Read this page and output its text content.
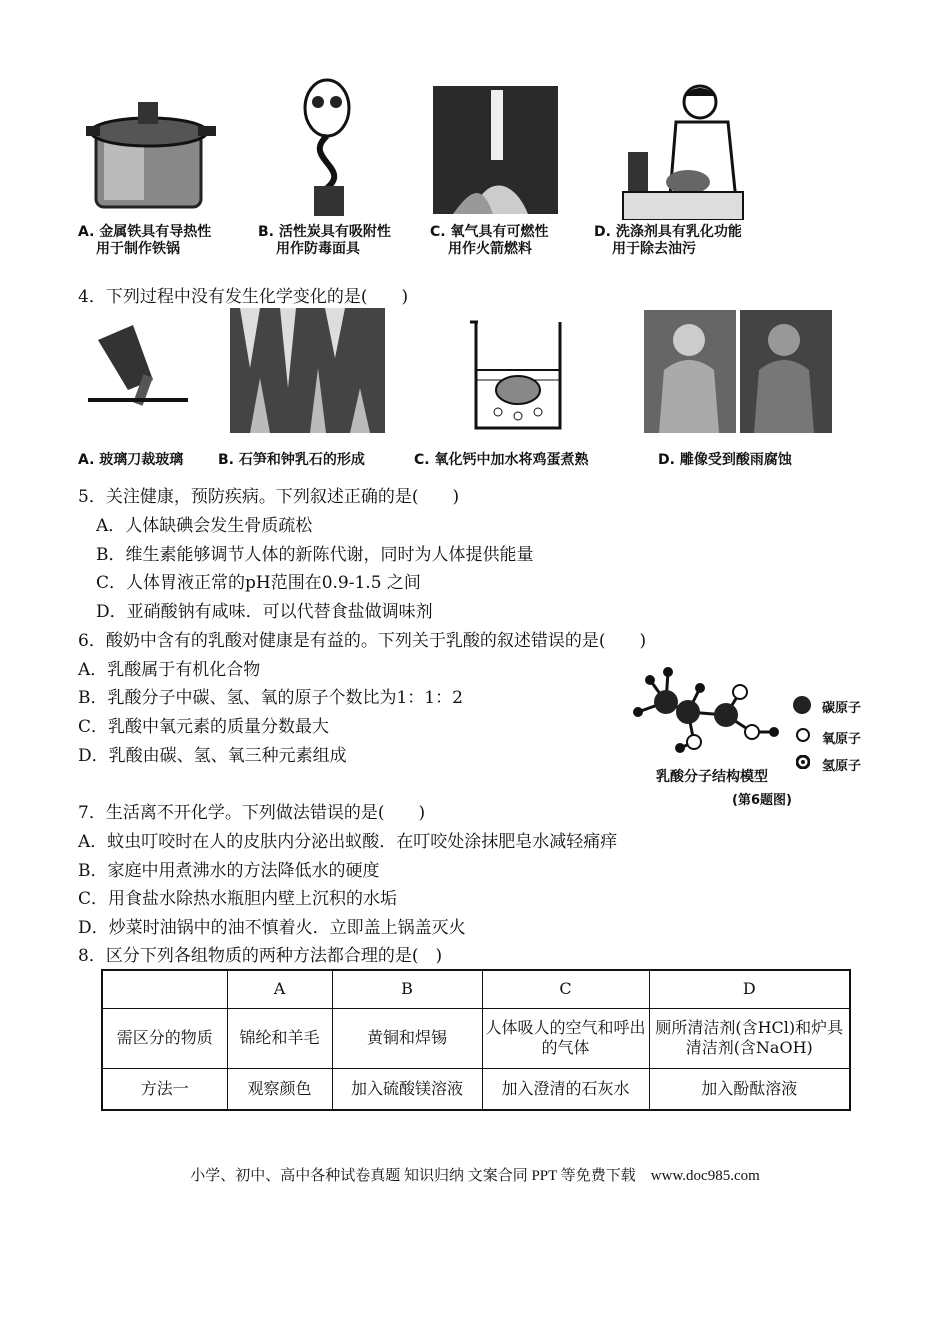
A. 金属铁具有导热性
用于制作铁锅
B. 活性炭具有吸附性
用作防毒面具
C. 氧气具有可燃性
用作火箭燃料
D. 洗涤剂具有乳化功能
用于除去油污
4．下列过程中没有发生化学变化的是(　　)
A. 玻璃刀裁玻璃 B. 石笋和钟乳石的形成	C. 氧化钙中加水将鸡蛋煮熟	D. 雕像受到酸雨腐蚀
5．关注健康，预防疾病。下列叙述正确的是(　　)
A．人体缺碘会发生骨质疏松
B．维生素能够调节人体的新陈代谢，同时为人体提供能量
C．人体胃液正常的pH范围在0.9-1.5 之间
D．亚硝酸钠有咸味．可以代替食盐做调味剂
6．酸奶中含有的乳酸对健康是有益的。下列关于乳酸的叙述错误的是(　　)
A．乳酸属于有机化合物
B．乳酸分子中碳、氢、氧的原子个数比为1：1：2
C．乳酸中氧元素的质量分数最大
D．乳酸由碳、氢、氧三种元素组成
碳原子
氧原子
氢原子
乳酸分子结构模型
(第6题图)
7．生活离不开化学。下列做法错误的是(　　)
A．蚊虫叮咬时在人的皮肤内分泌出蚁酸．在叮咬处涂抹肥皂水减轻痛痒
B．家庭中用煮沸水的方法降低水的硬度
C．用食盐水除热水瓶胆内壁上沉积的水垢
D．炒菜时油锅中的油不慎着火．立即盖上锅盖灭火
8．区分下列各组物质的两种方法都合理的是(　)
	A	B	C	D
需区分的物质	锦纶和羊毛	黄铜和焊锡	人体吸人的空气和呼出的气体	厕所清洁剂(含HCl)和炉具清洁剂(含NaOH)
方法一	观察颜色	加入硫酸镁溶液	加入澄清的石灰水	加入酚酞溶液
小学、初中、高中各种试卷真题 知识归纳 文案合同 PPT 等免费下载　www.doc985.com
